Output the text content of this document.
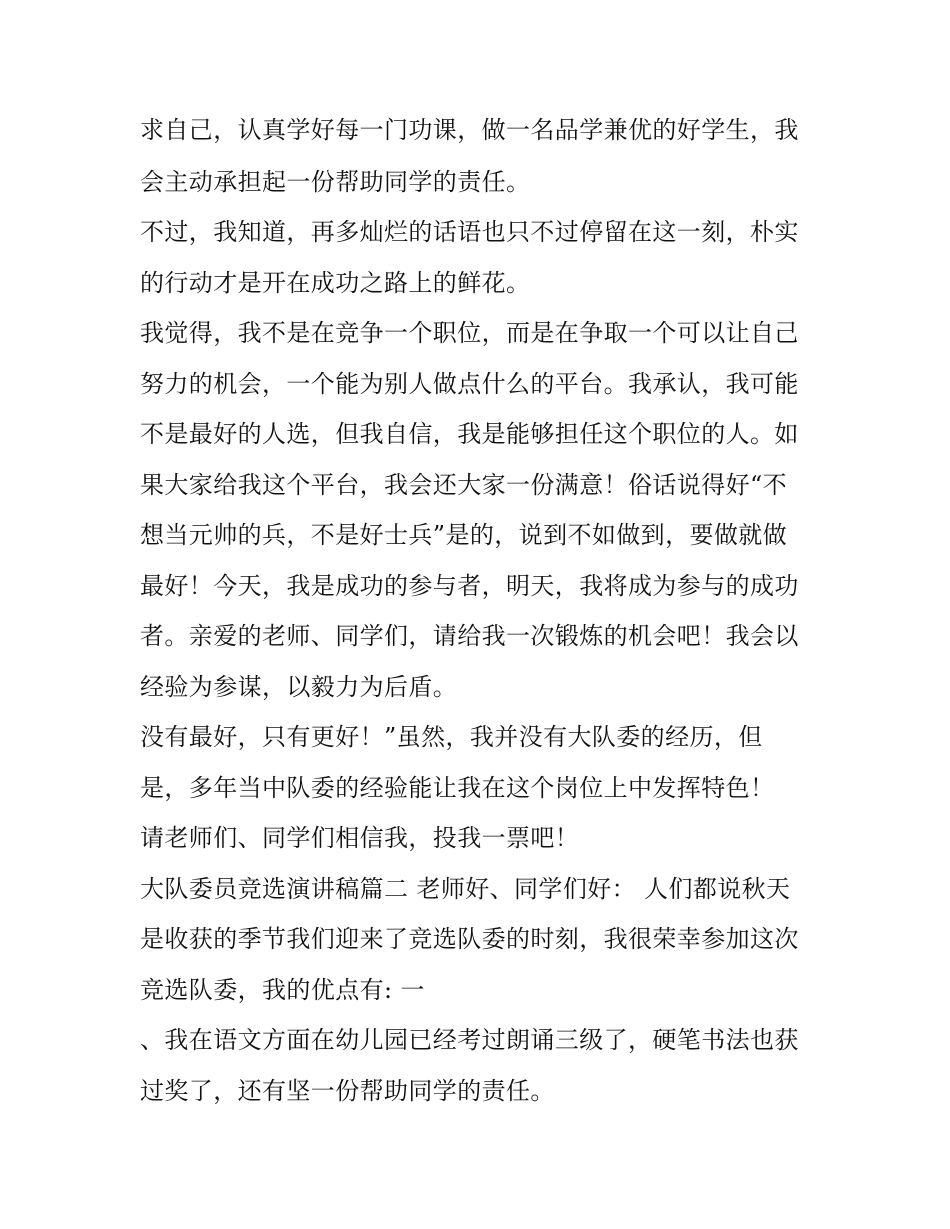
求自己，认真学好每一门功课，做一名品学兼优的好学生，我
会主动承担起一份帮助同学的责任。
不过，我知道，再多灿烂的话语也只不过停留在这一刻，朴实
的行动才是开在成功之路上的鲜花。
我觉得，我不是在竞争一个职位，而是在争取一个可以让自己
努力的机会，一个能为别人做点什么的平台。我承认，我可能
不是最好的人选，但我自信，我是能够担任这个职位的人。如
果大家给我这个平台，我会还大家一份满意！俗话说得好“不
想当元帅的兵，不是好士兵”是的，说到不如做到，要做就做
最好！今天，我是成功的参与者，明天，我将成为参与的成功
者。亲爱的老师、同学们，请给我一次锻炼的机会吧！我会以
经验为参谋，以毅力为后盾。
没有最好，只有更好！”虽然，我并没有大队委的经历，但
是，多年当中队委的经验能让我在这个岗位上中发挥特色！
请老师们、同学们相信我，投我一票吧！
大队委员竞选演讲稿篇二 老师好、同学们好： 人们都说秋天
是收获的季节我们迎来了竞选队委的时刻，我很荣幸参加这次
竞选队委，我的优点有: 一
、我在语文方面在幼儿园已经考过朗诵三级了，硬笔书法也获
过奖了，还有坚一份帮助同学的责任。
